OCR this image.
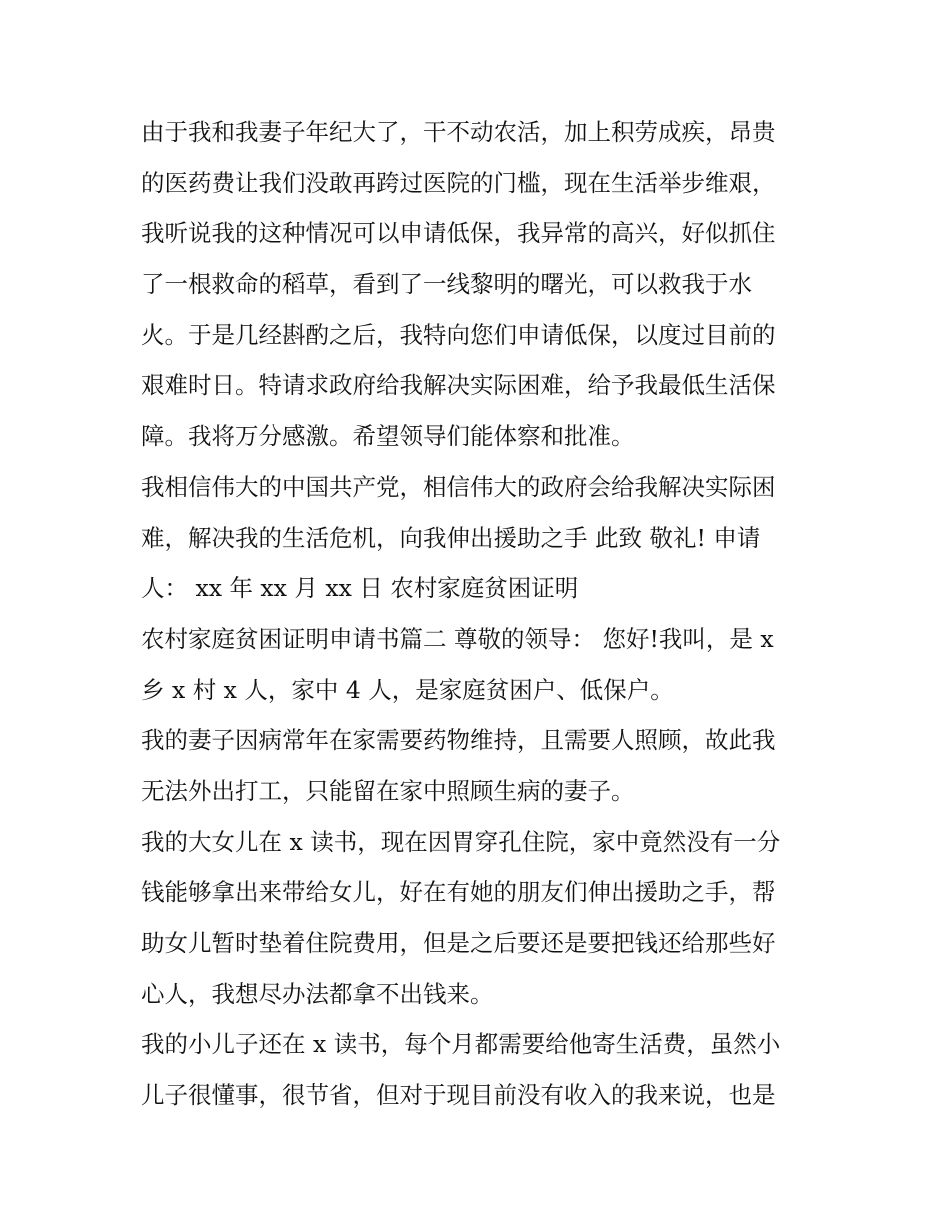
由于我和我妻子年纪大了，干不动农活，加上积劳成疾，昂贵
的医药费让我们没敢再跨过医院的门槛，现在生活举步维艰，
我听说我的这种情况可以申请低保，我异常的高兴，好似抓住
了一根救命的稻草，看到了一线黎明的曙光，可以救我于水
火。于是几经斟酌之后，我特向您们申请低保，以度过目前的
艰难时日。特请求政府给我解决实际困难，给予我最低生活保
障。我将万分感激。希望领导们能体察和批准。
我相信伟大的中国共产党，相信伟大的政府会给我解决实际困
难，解决我的生活危机，向我伸出援助之手 此致 敬礼! 申请
人： xx 年 xx 月 xx 日 农村家庭贫困证明
农村家庭贫困证明申请书篇二 尊敬的领导： 您好!我叫，是 x
乡 x 村 x 人，家中 4 人，是家庭贫困户、低保户。
我的妻子因病常年在家需要药物维持，且需要人照顾，故此我
无法外出打工，只能留在家中照顾生病的妻子。
我的大女儿在 x 读书，现在因胃穿孔住院，家中竟然没有一分
钱能够拿出来带给女儿，好在有她的朋友们伸出援助之手，帮
助女儿暂时垫着住院费用，但是之后要还是要把钱还给那些好
心人，我想尽办法都拿不出钱来。
我的小儿子还在 x 读书，每个月都需要给他寄生活费，虽然小
儿子很懂事，很节省，但对于现目前没有收入的我来说，也是
